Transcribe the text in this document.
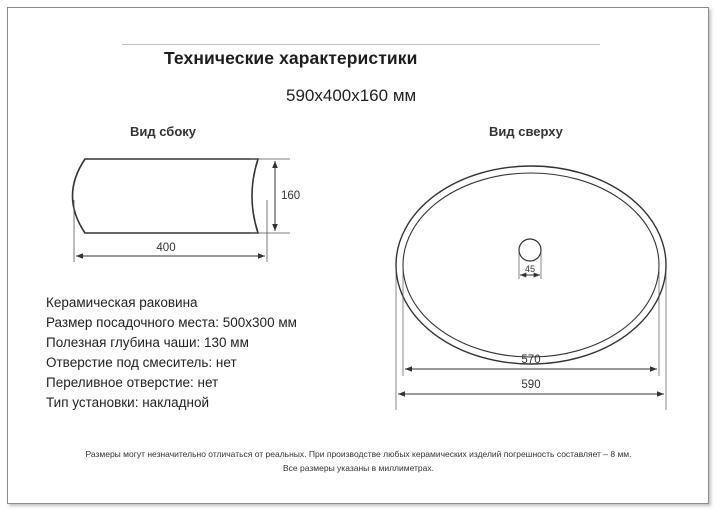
Технические характеристики
590x400x160 мм
Вид сбоку	Вид сверху
400
160
45
570
590
Керамическая раковина
Размер посадочного места: 500x300 мм
Полезная глубина чаши: 130 мм
Отверстие под смеситель: нет
Переливное отверстие: нет
Тип установки: накладной
Размеры могут незначительно отличаться от реальных. При производстве любых керамических изделий погрешность составляет – 8 мм.
Все размеры указаны в миллиметрах.
